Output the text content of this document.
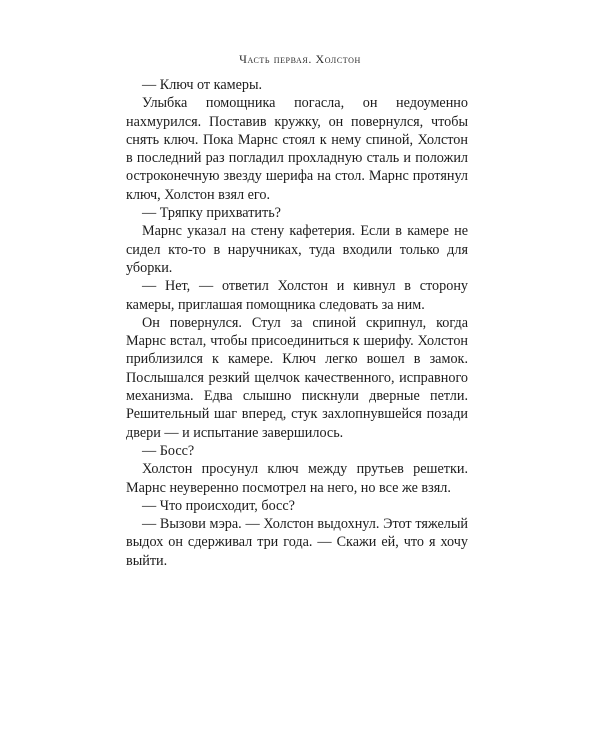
Часть первая. Холстон

— Ключ от камеры.

Улыбка помощника погасла, он недоуменно нахмурился. Поставив кружку, он повернулся, чтобы снять ключ. Пока Марнс стоял к нему спиной, Холстон в последний раз погладил прохладную сталь и положил остроконечную звезду шерифа на стол. Марнс протянул ключ, Холстон взял его.

— Тряпку прихватить?

Марнс указал на стену кафетерия. Если в камере не сидел кто-то в наручниках, туда входили только для уборки.

— Нет, — ответил Холстон и кивнул в сторону камеры, приглашая помощника следовать за ним.

Он повернулся. Стул за спиной скрипнул, когда Марнс встал, чтобы присоединиться к шерифу. Холстон приблизился к камере. Ключ легко вошел в замок. Послышался резкий щелчок качественного, исправного механизма. Едва слышно пискнули дверные петли. Решительный шаг вперед, стук захлопнувшейся позади двери — и испытание завершилось.

— Босс?

Холстон просунул ключ между прутьев решетки. Марнс неуверенно посмотрел на него, но все же взял.

— Что происходит, босс?

— Вызови мэра. — Холстон выдохнул. Этот тяжелый выдох он сдерживал три года. — Скажи ей, что я хочу выйти.
